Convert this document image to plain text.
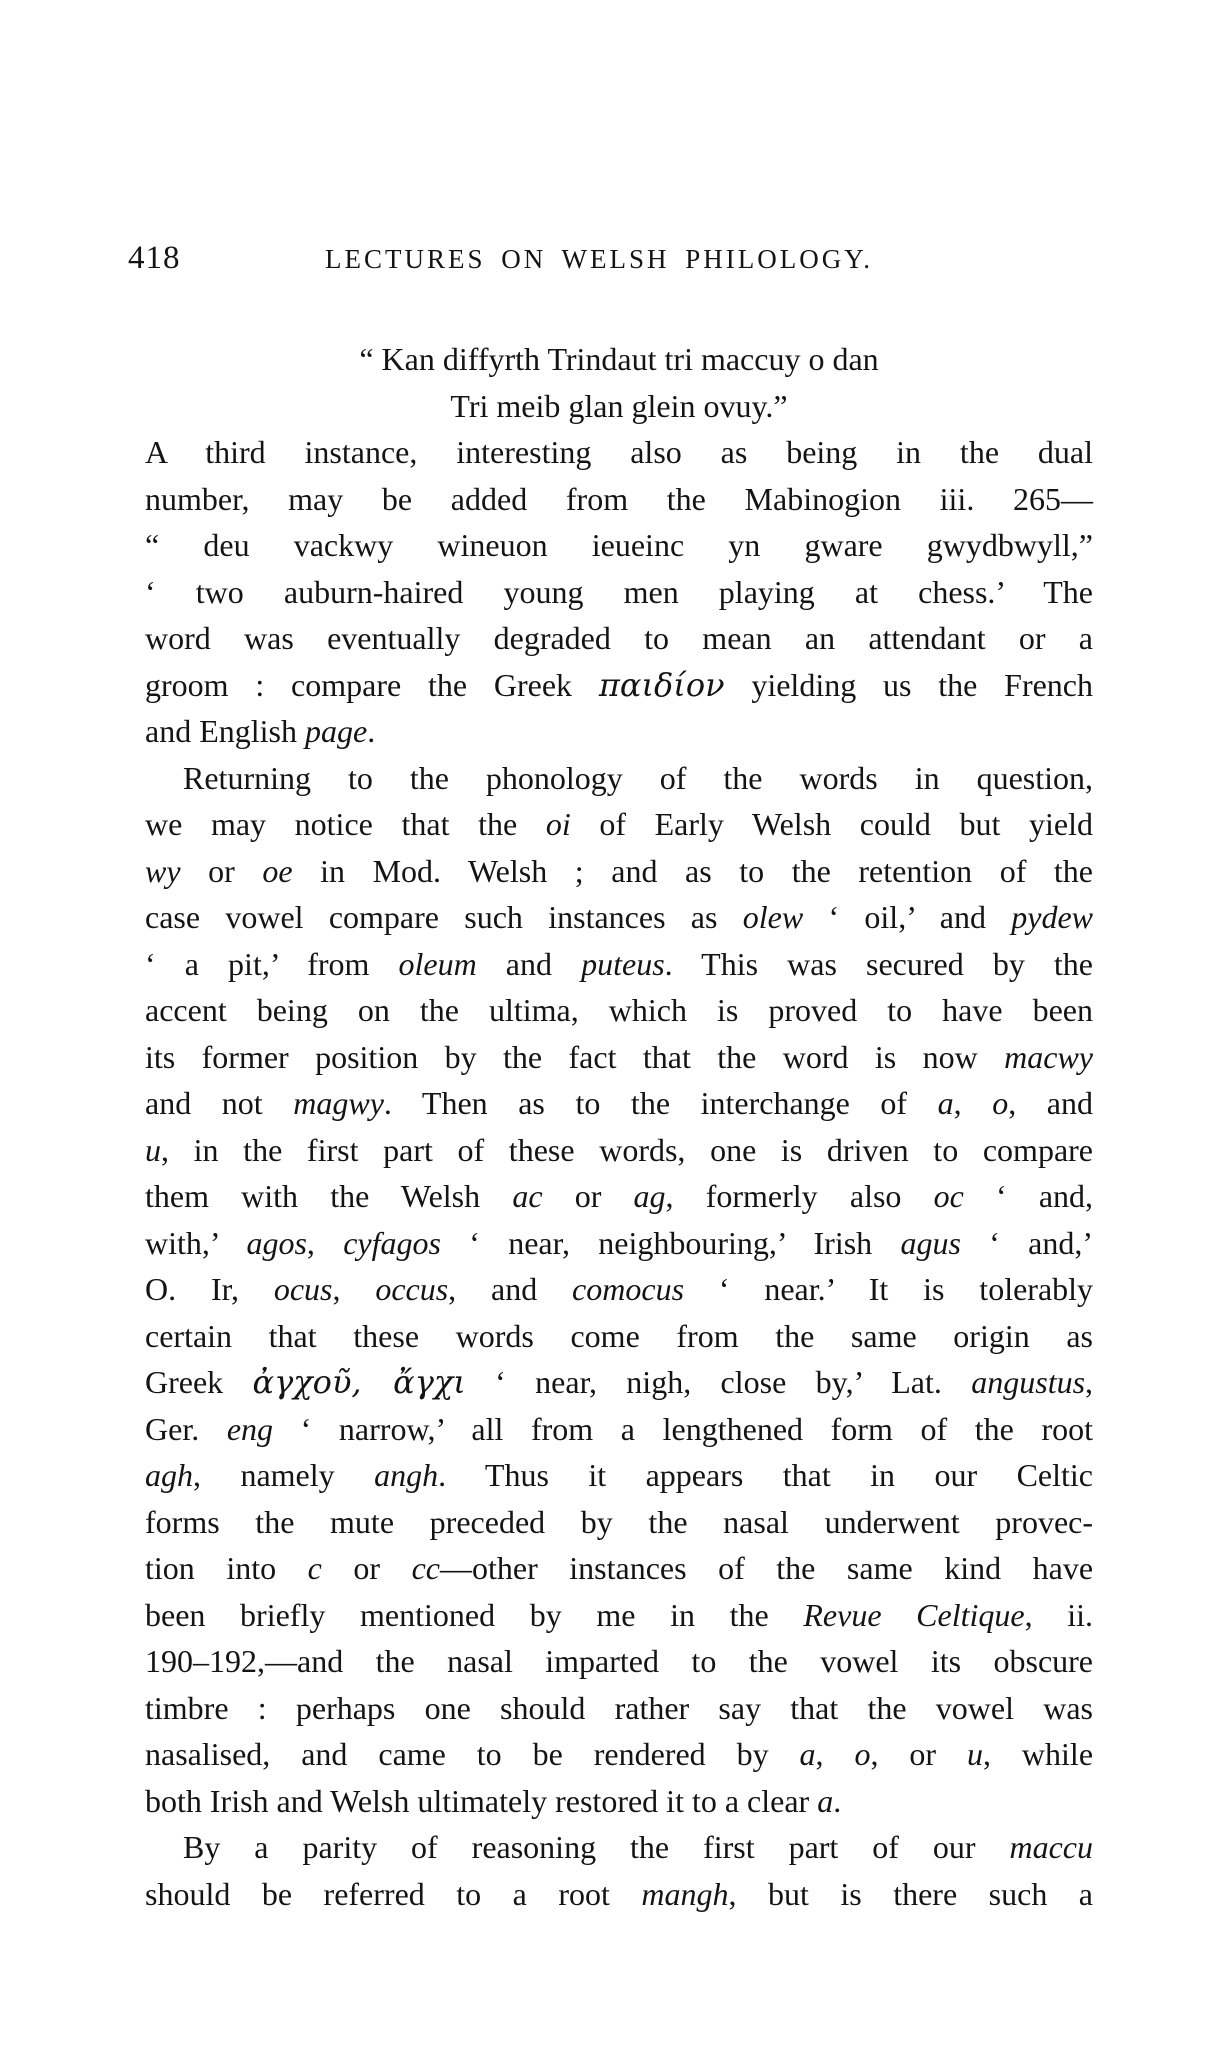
418	LECTURES ON WELSH PHILOLOGY.
“ Kan diffyrth Trindaut tri maccuy o dan
Tri meib glan glein ovuy.”
A third instance, interesting also as being in the dual
number, may be added from the Mabinogion iii. 265—
“ deu vackwy wineuon ieueinc yn gware gwydbwyll,”
‘ two auburn-haired young men playing at chess.’ The
word was eventually degraded to mean an attendant or a
groom : compare the Greek παιδίον yielding us the French
and English page.
Returning to the phonology of the words in question,
we may notice that the oi of Early Welsh could but yield
wy or oe in Mod. Welsh ; and as to the retention of the
case vowel compare such instances as olew ‘ oil,’ and pydew
‘ a pit,’ from oleum and puteus. This was secured by the
accent being on the ultima, which is proved to have been
its former position by the fact that the word is now macwy
and not magwy. Then as to the interchange of a, o, and
u, in the first part of these words, one is driven to compare
them with the Welsh ac or ag, formerly also oc ‘ and,
with,’ agos, cyfagos ‘ near, neighbouring,’ Irish agus ‘ and,’
O. Ir, ocus, occus, and comocus ‘ near.’ It is tolerably
certain that these words come from the same origin as
Greek ἀγχοῦ, ἄγχι ‘ near, nigh, close by,’ Lat. angustus,
Ger. eng ‘ narrow,’ all from a lengthened form of the root
agh, namely angh. Thus it appears that in our Celtic
forms the mute preceded by the nasal underwent provec-
tion into c or cc—other instances of the same kind have
been briefly mentioned by me in the Revue Celtique, ii.
190–192,—and the nasal imparted to the vowel its obscure
timbre : perhaps one should rather say that the vowel was
nasalised, and came to be rendered by a, o, or u, while
both Irish and Welsh ultimately restored it to a clear a.
By a parity of reasoning the first part of our maccu
should be referred to a root mangh, but is there such a
